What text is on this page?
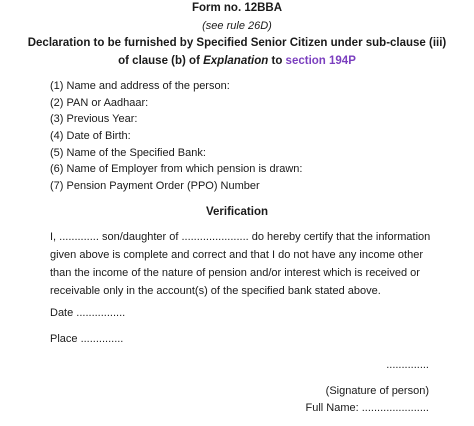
Form no. 12BBA
(see rule 26D)
Declaration to be furnished by Specified Senior Citizen under sub-clause (iii)
of clause (b) of Explanation to section 194P
(1) Name and address of the person:
(2) PAN or Aadhaar:
(3) Previous Year:
(4) Date of Birth:
(5) Name of the Specified Bank:
(6) Name of Employer from which pension is drawn:
(7) Pension Payment Order (PPO) Number
Verification
I, ............. son/daughter of ...................... do hereby certify that the information
given above is complete and correct and that I do not have any income other
than the income of the nature of pension and/or interest which is received or
receivable only in the account(s) of the specified bank stated above.
Date ................
Place ..............
..............
(Signature of person)
Full Name: ......................
